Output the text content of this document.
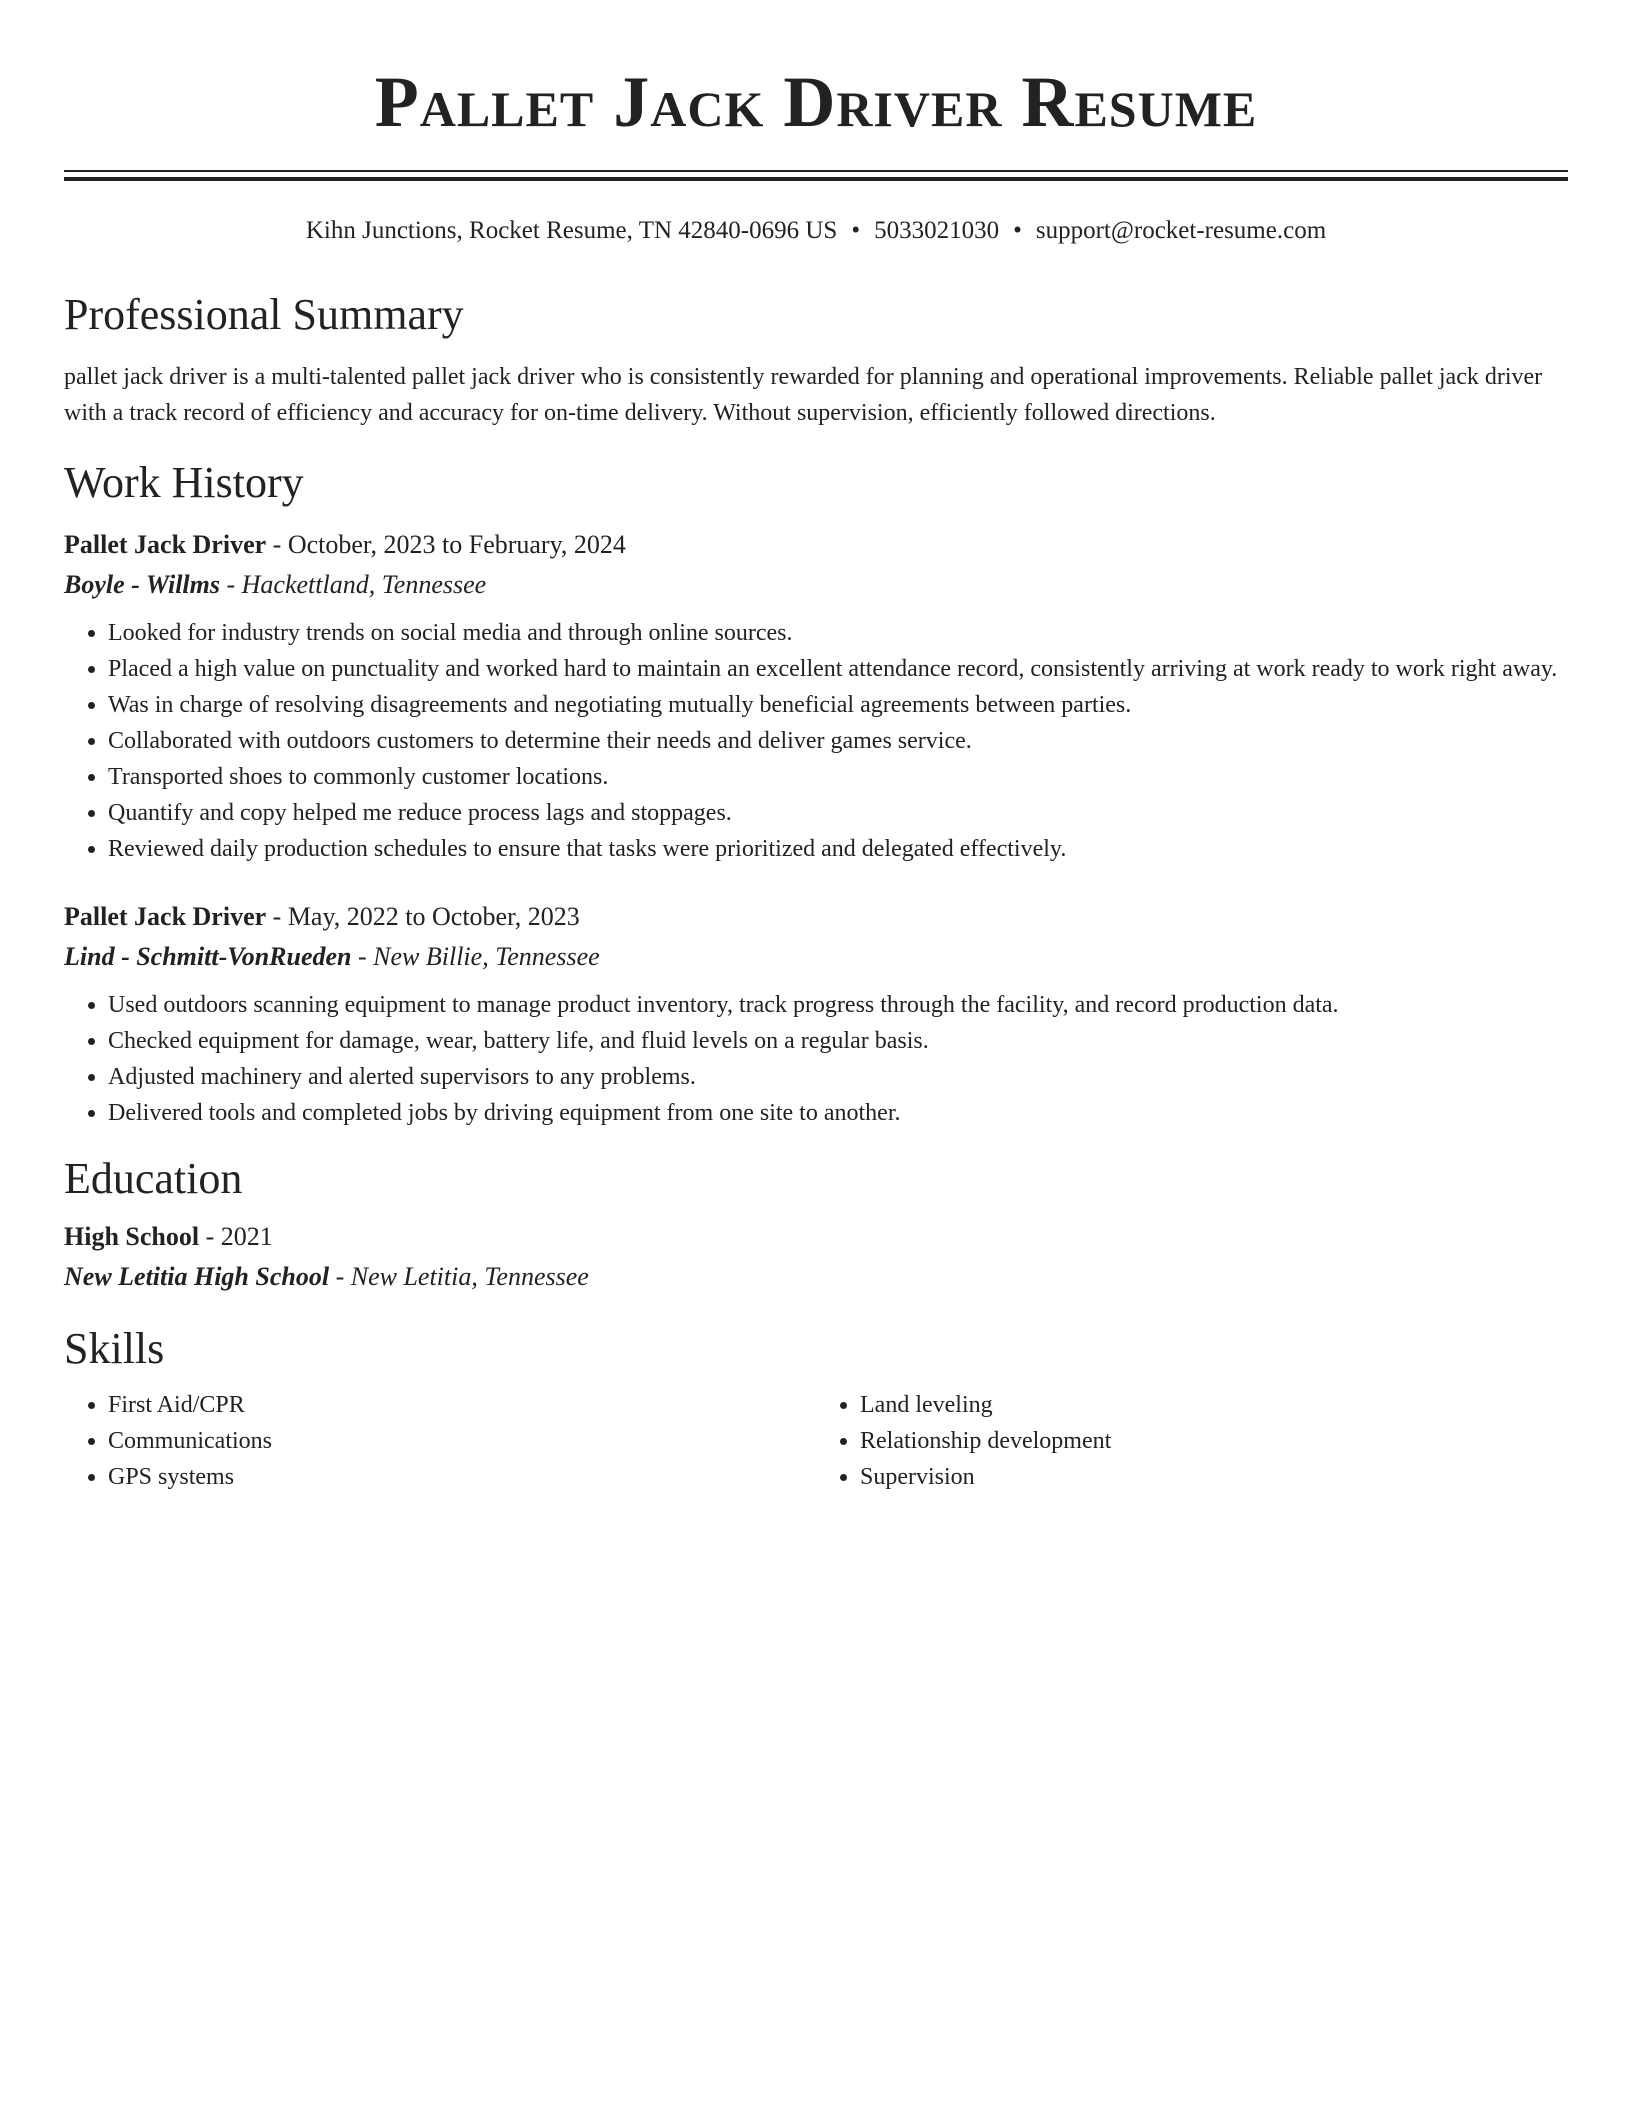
Pallet Jack Driver Resume
Kihn Junctions, Rocket Resume, TN 42840-0696 US • 5033021030 • support@rocket-resume.com
Professional Summary

pallet jack driver is a multi-talented pallet jack driver who is consistently rewarded for planning and operational improvements. Reliable pallet jack driver with a track record of efficiency and accuracy for on-time delivery. Without supervision, efficiently followed directions.

Work History
Pallet Jack Driver - October, 2023 to February, 2024
Boyle - Willms - Hackettland, Tennessee
• Looked for industry trends on social media and through online sources.
• Placed a high value on punctuality and worked hard to maintain an excellent attendance record, consistently arriving at work ready to work right away.
• Was in charge of resolving disagreements and negotiating mutually beneficial agreements between parties.
• Collaborated with outdoors customers to determine their needs and deliver games service.
• Transported shoes to commonly customer locations.
• Quantify and copy helped me reduce process lags and stoppages.
• Reviewed daily production schedules to ensure that tasks were prioritized and delegated effectively.
Pallet Jack Driver - May, 2022 to October, 2023
Lind - Schmitt-VonRueden - New Billie, Tennessee
• Used outdoors scanning equipment to manage product inventory, track progress through the facility, and record production data.
• Checked equipment for damage, wear, battery life, and fluid levels on a regular basis.
• Adjusted machinery and alerted supervisors to any problems.
• Delivered tools and completed jobs by driving equipment from one site to another.
Education
High School - 2021
New Letitia High School - New Letitia, Tennessee
Skills
• First Aid/CPR
• Communications
• GPS systems
• Land leveling
• Relationship development
• Supervision
